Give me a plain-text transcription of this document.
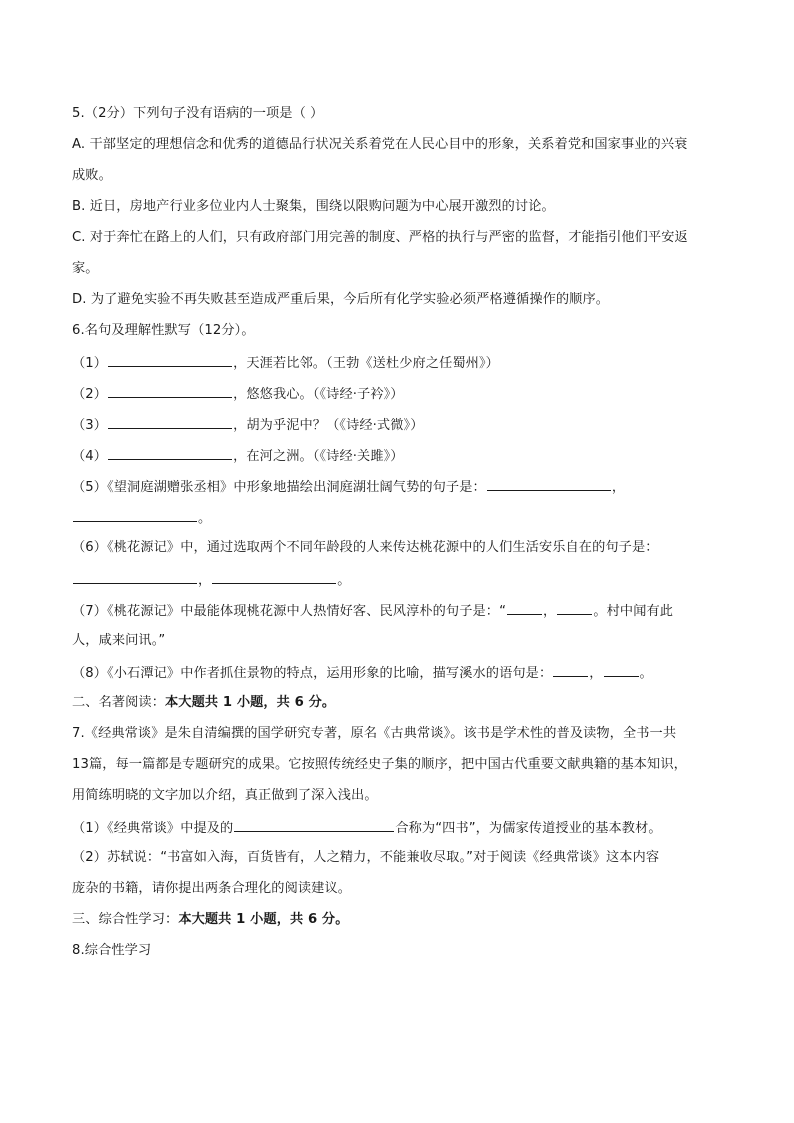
5.（2分）下列句子没有语病的一项是（ ）
A. 干部坚定的理想信念和优秀的道德品行状况关系着党在人民心目中的形象，关系着党和国家事业的兴衰
成败。
B. 近日，房地产行业多位业内人士聚集，围绕以限购问题为中心展开激烈的讨论。
C. 对于奔忙在路上的人们，只有政府部门用完善的制度、严格的执行与严密的监督，才能指引他们平安返
家。
D. 为了避免实验不再失败甚至造成严重后果，今后所有化学实验必须严格遵循操作的顺序。
6.名句及理解性默写（12分）。
（1）	，天涯若比邻。（王勃《送杜少府之任蜀州》）
（2）	，悠悠我心。（《诗经·子衿》）
（3）	，胡为乎泥中？（《诗经·式微》）
（4）	，在河之洲。（《诗经·关雎》）
（5）《望洞庭湖赠张丞相》中形象地描绘出洞庭湖壮阔气势的句子是：	，
。
（6）《桃花源记》中，通过选取两个不同年龄段的人来传达桃花源中的人们生活安乐自在的句子是：
，	。
（7）《桃花源记》中最能体现桃花源中人热情好客、民风淳朴的句子是：“	，	。村中闻有此
人，咸来问讯。”
（8）《小石潭记》中作者抓住景物的特点，运用形象的比喻，描写溪水的语句是：	，	。
二、名著阅读：本大题共 1 小题，共 6 分。
7.《经典常谈》是朱自清编撰的国学研究专著，原名《古典常谈》。该书是学术性的普及读物，全书一共
13篇，每一篇都是专题研究的成果。它按照传统经史子集的顺序，把中国古代重要文献典籍的基本知识，
用简练明晓的文字加以介绍，真正做到了深入浅出。
（1）《经典常谈》中提及的	合称为“四书”，为儒家传道授业的基本教材。
（2）苏轼说：“书富如入海，百货皆有，人之精力，不能兼收尽取。”对于阅读《经典常谈》这本内容
庞杂的书籍，请你提出两条合理化的阅读建议。
三、综合性学习：本大题共 1 小题，共 6 分。
8.综合性学习
